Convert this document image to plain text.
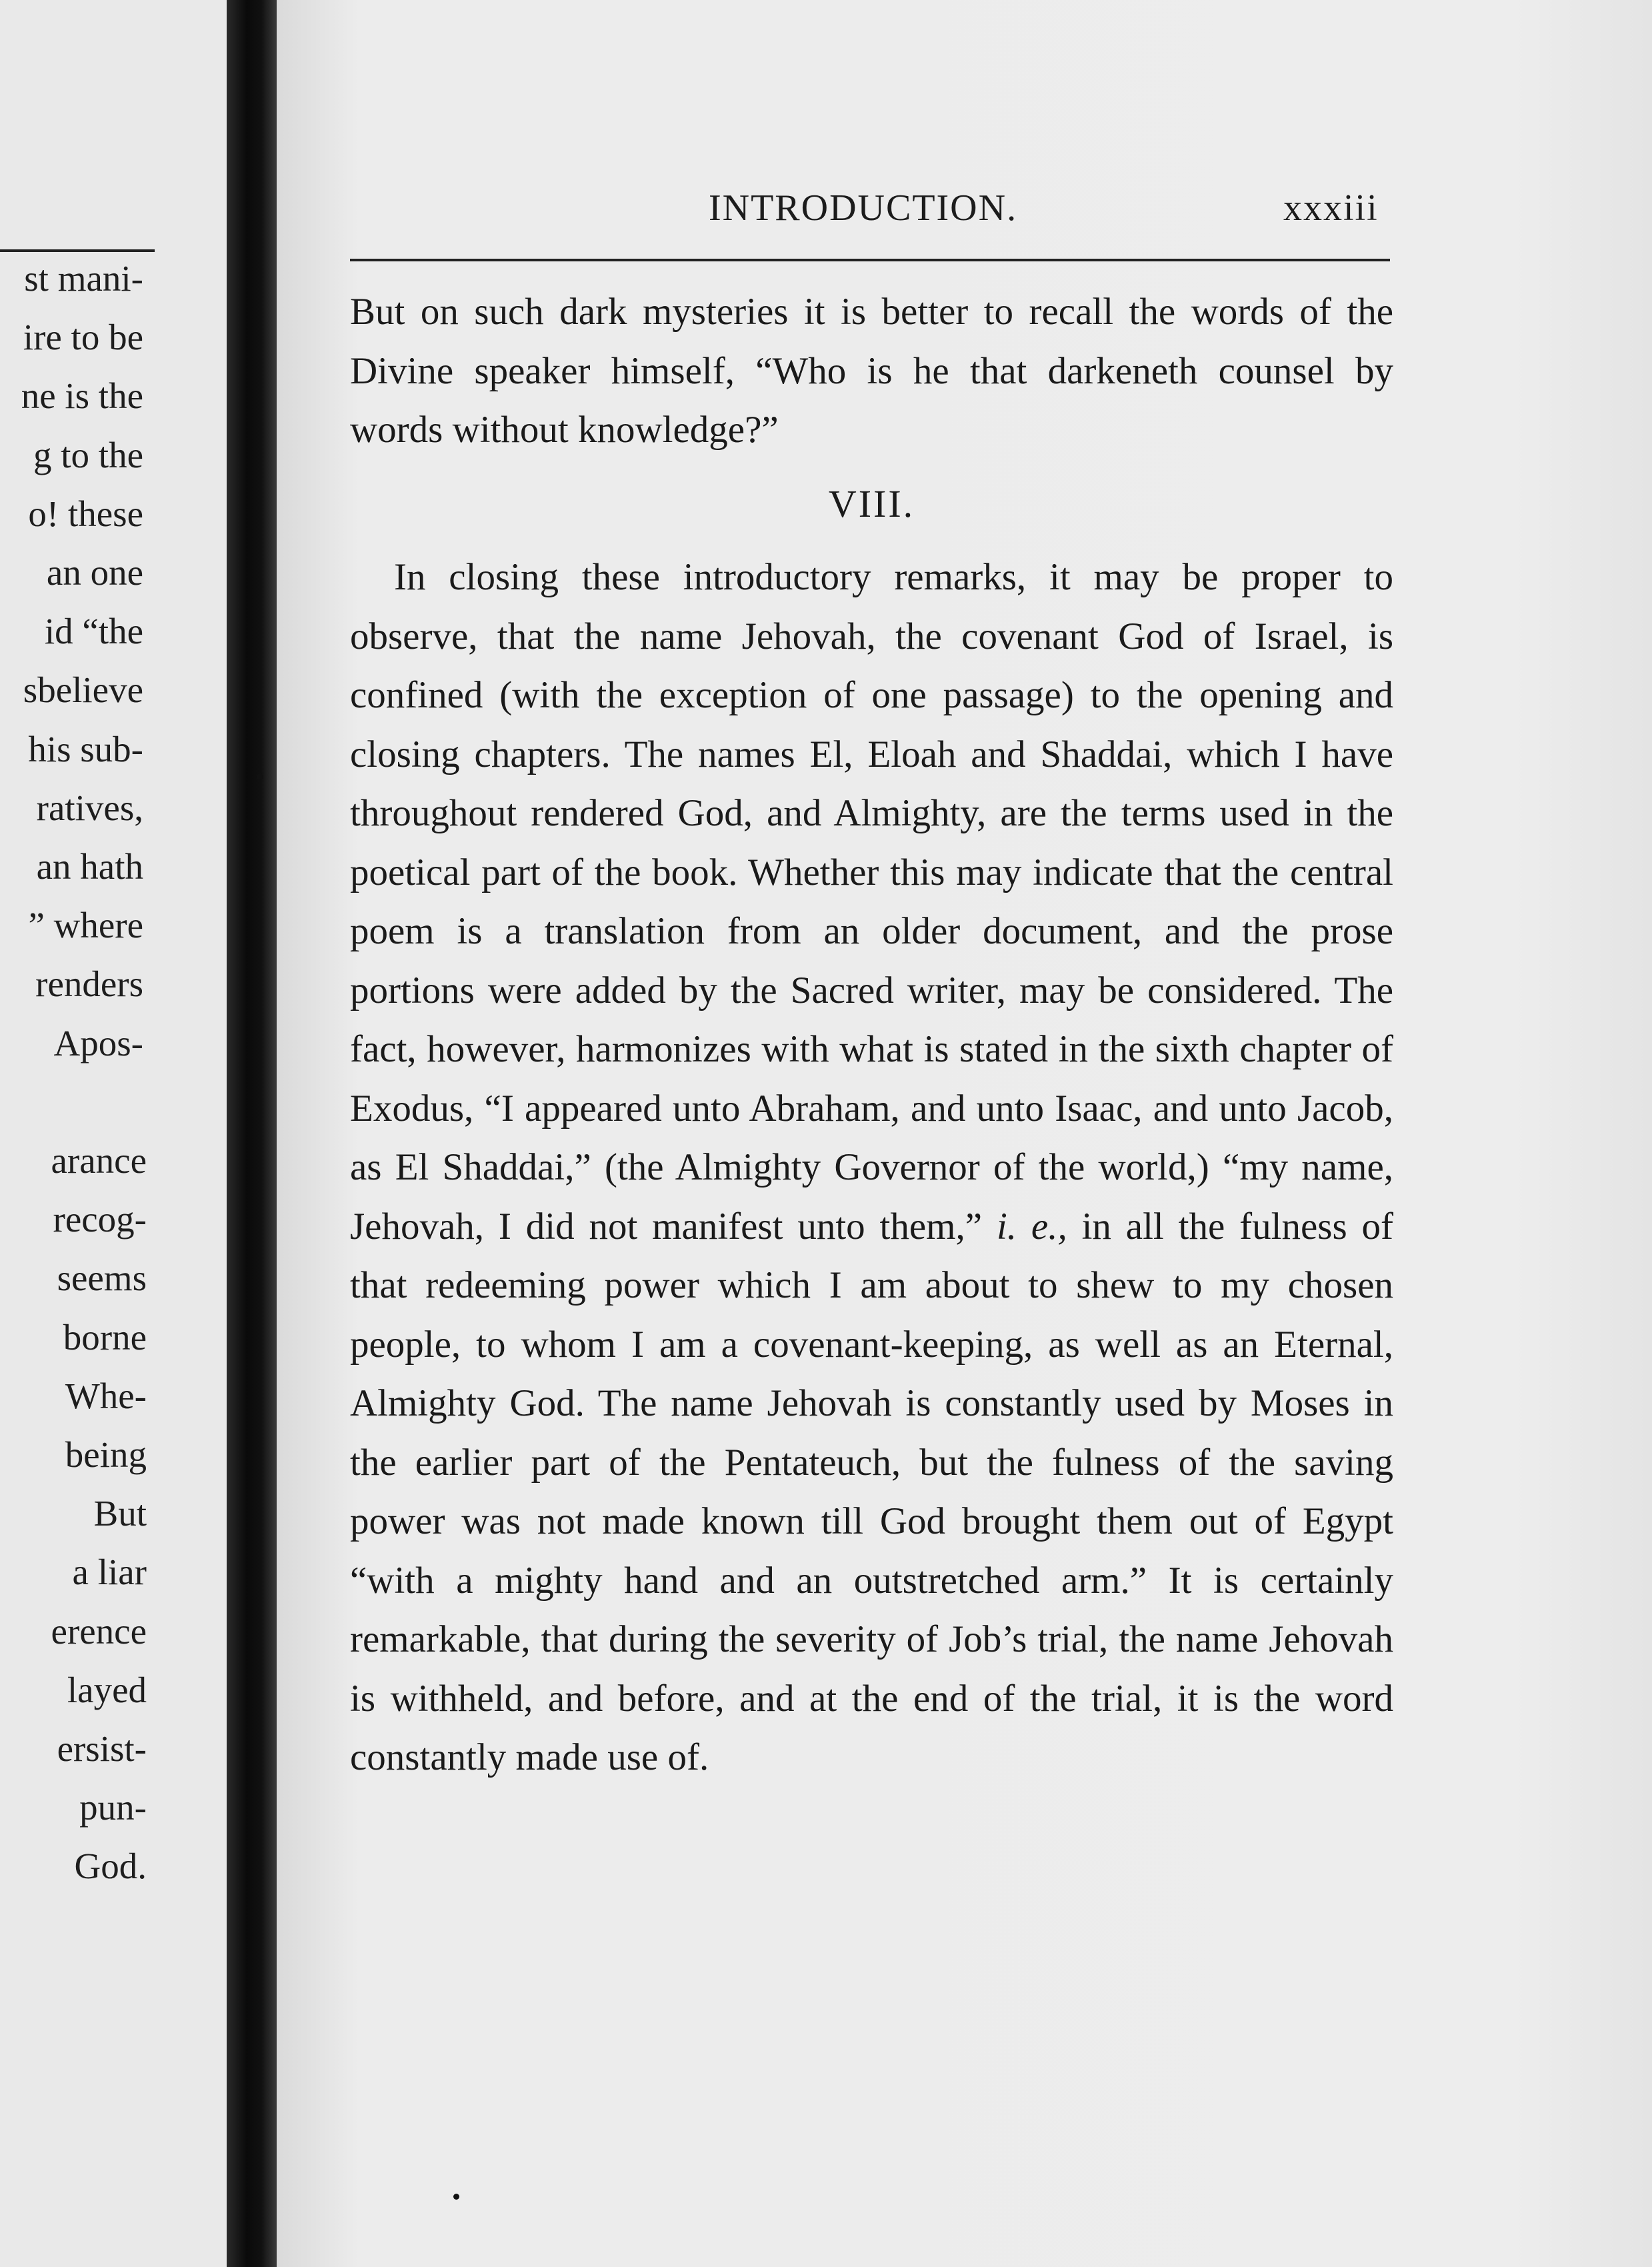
st mani-
ire to be
ne is the
g to the
o! these
an one
id “the
sbelieve
his sub-
ratives,
an hath
” where
renders
Apos-
arance
recog-
seems
borne
Whe-
being
But
a liar
erence
layed
ersist-
pun-
God.
INTRODUCTION.	xxxiii

But on such dark mysteries it is better to recall the words of the Divine speaker himself, “Who is he that darkeneth counsel by words without knowledge?”

VIII.

In closing these introductory remarks, it may be proper to observe, that the name Jehovah, the covenant God of Israel, is confined (with the exception of one passage) to the opening and closing chapters. The names El, Eloah and Shaddai, which I have throughout rendered God, and Almighty, are the terms used in the poetical part of the book. Whether this may indicate that the central poem is a translation from an older document, and the prose portions were added by the Sacred writer, may be considered. The fact, however, harmonizes with what is stated in the sixth chapter of Exodus, “I appeared unto Abraham, and unto Isaac, and unto Jacob, as El Shaddai,” (the Almighty Governor of the world,) “my name, Jehovah, I did not manifest unto them,” i. e., in all the fulness of that redeeming power which I am about to shew to my chosen people, to whom I am a covenant-keeping, as well as an Eternal, Almighty God. The name Jehovah is constantly used by Moses in the earlier part of the Pentateuch, but the fulness of the saving power was not made known till God brought them out of Egypt “with a mighty hand and an outstretched arm.” It is certainly remarkable, that during the severity of Job’s trial, the name Jehovah is withheld, and before, and at the end of the trial, it is the word constantly made use of.
